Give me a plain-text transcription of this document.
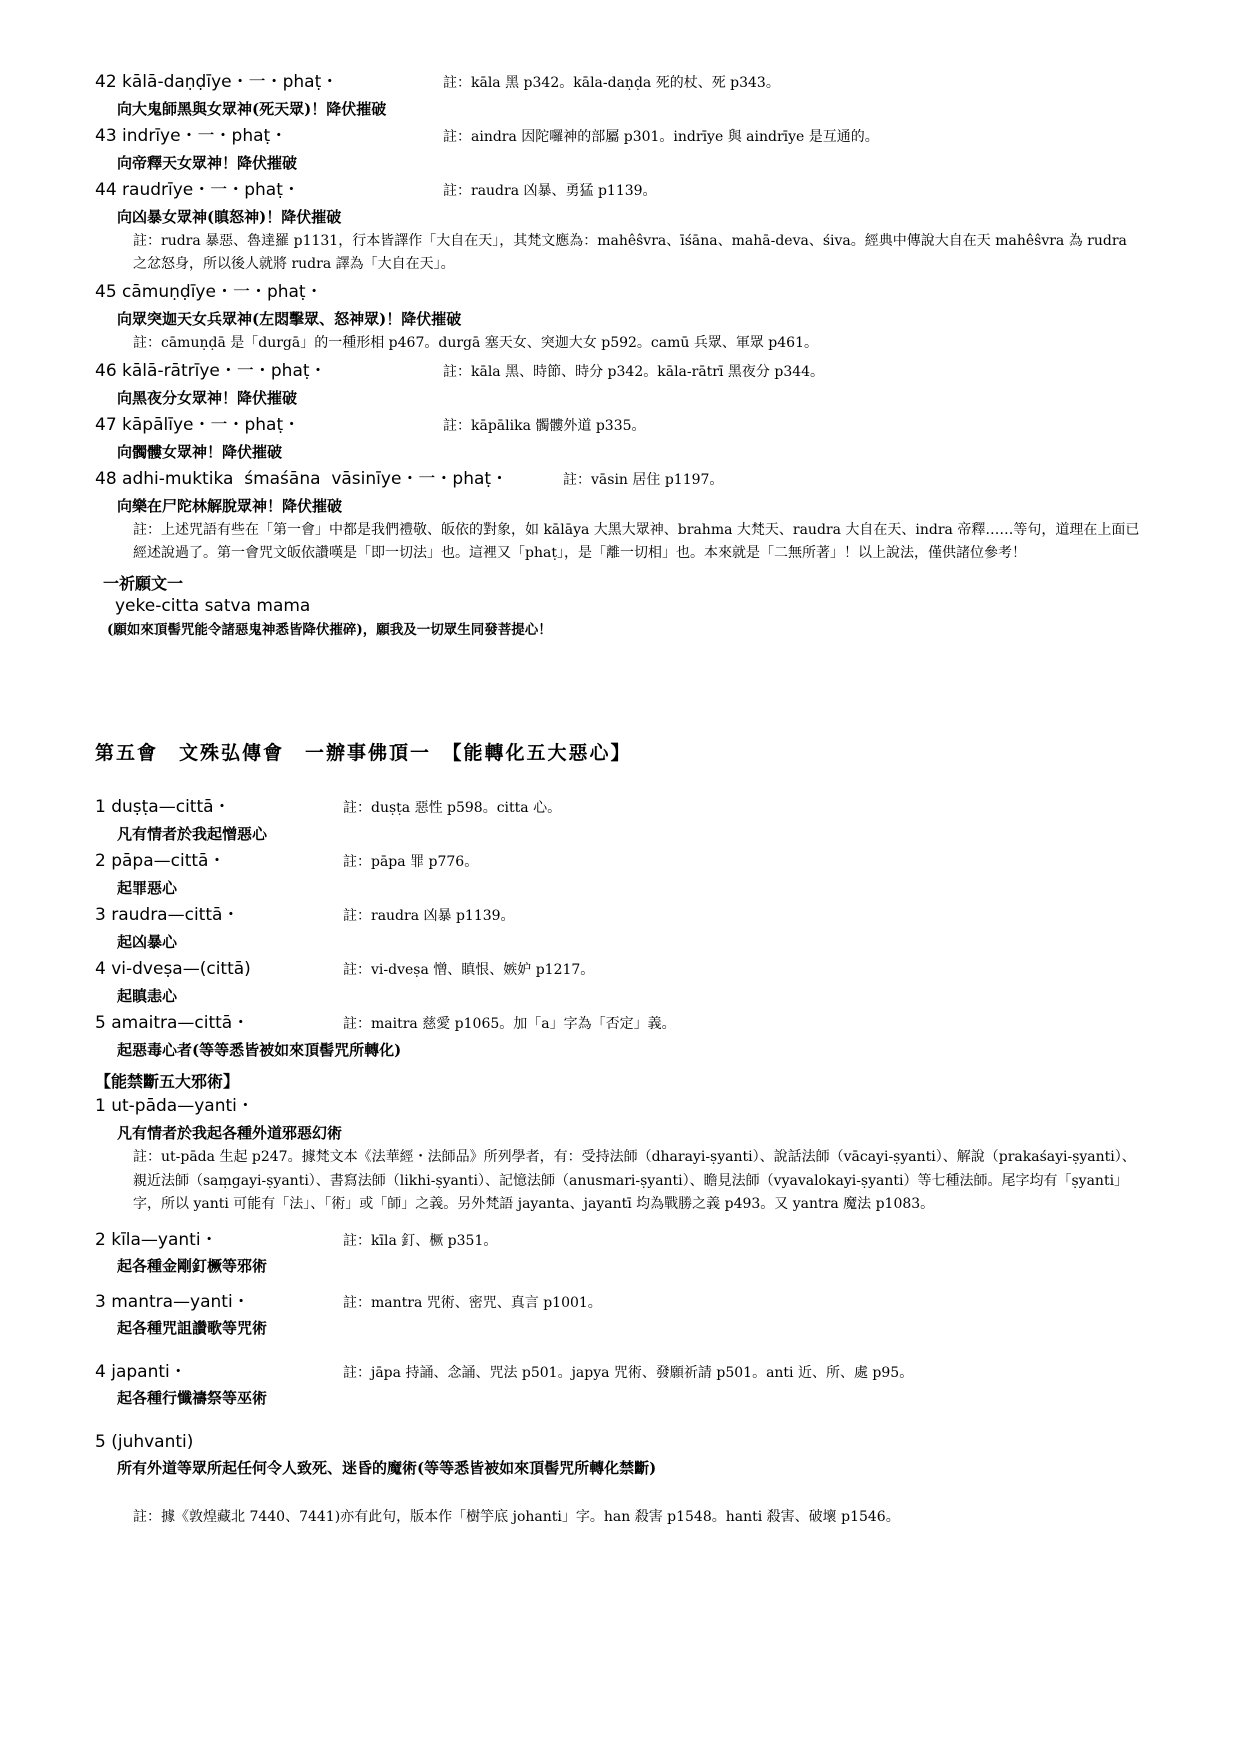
42 kālā-daṇḍīye・一・phaṭ・	註：kāla 黑 p342。kāla-daṇḍa 死的杖、死 p343。
向大鬼師黑與女眾神(死天眾)！降伏摧破
43 indrīye・一・phaṭ・	註：aindra 因陀囉神的部屬 p301。indrīye 與 aindrīye 是互通的。
向帝釋天女眾神！降伏摧破
44 raudrīye・一・phaṭ・	註：raudra 凶暴、勇猛 p1139。
向凶暴女眾神(瞋怒神)！降伏摧破
註：rudra 暴惡、魯達羅 p1131，行本皆譯作「大自在天」，其梵文應為：mahêŝvra、īśāna、mahā-deva、śiva。經典中傳說大自在天 mahêŝvra 為 rudra 之忿怒身，所以後人就將 rudra 譯為「大自在天」。
45 cāmuṇḍīye・一・phaṭ・
向眾突迦天女兵眾神(左悶擊眾、怒神眾)！降伏摧破
註：cāmuṇḍā 是「durgā」的一種形相 p467。durgā 塞天女、突迦大女 p592。camū 兵眾、軍眾 p461。
46 kālā-rātrīye・一・phaṭ・	註：kāla 黑、時節、時分 p342。kāla-rātrī 黑夜分 p344。
向黑夜分女眾神！降伏摧破
47 kāpālīye・一・phaṭ・	註：kāpālika 髑髏外道 p335。
向髑髏女眾神！降伏摧破
48 adhi-muktika  śmaśāna  vāsinīye・一・phaṭ・	註：vāsin 居住 p1197。
向樂在尸陀林解脫眾神！降伏摧破
註：上述咒語有些在「第一會」中都是我們禮敬、皈依的對象，如 kālāya 大黑大眾神、brahma 大梵天、raudra 大自在天、indra 帝釋……等句，道理在上面已經述說過了。第一會咒文皈依讚嘆是「即一切法」也。這裡又「phaṭ」，是「離一切相」也。本來就是「二無所著」！以上說法，僅供諸位參考！
一祈願文一
yeke-citta satva mama
(願如來頂髻咒能令諸惡鬼神悉皆降伏摧碎)，願我及一切眾生同發菩提心！
第五會　文殊弘傳會　一辦事佛頂一　【能轉化五大惡心】
1 duṣṭa—cittā・	註：duṣṭa 惡性 p598。citta 心。
凡有情者於我起憎惡心
2 pāpa—cittā・	註：pāpa 罪 p776。
起罪惡心
3 raudra—cittā・	註：raudra 凶暴 p1139。
起凶暴心
4 vi-dveṣa—(cittā)	註：vi-dveṣa 憎、瞋恨、嫉妒 p1217。
起瞋恚心
5 amaitra—cittā・	註：maitra 慈愛 p1065。加「a」字為「否定」義。
起惡毒心者(等等悉皆被如來頂髻咒所轉化)
【能禁斷五大邪術】
1 ut-pāda—yanti・
凡有情者於我起各種外道邪惡幻術
註：ut-pāda 生起 p247。據梵文本《法華經・法師品》所列學者，有：受持法師（dharayi-ṣyanti）、說話法師（vācayi-ṣyanti）、解說（prakaśayi-ṣyanti）、親近法師（saṃgayi-ṣyanti）、書寫法師（likhi-ṣyanti）、記憶法師（anusmari-ṣyanti）、瞻見法師（vyavalokayi-ṣyanti）等七種法師。尾字均有「ṣyanti」字，所以 yanti 可能有「法」、「術」或「師」之義。另外梵語 jayanta、jayantī 均為戰勝之義 p493。又 yantra 魔法 p1083。
2 kīla—yanti・	註：kīla 釘、橛 p351。
起各種金剛釘橛等邪術
3 mantra—yanti・	註：mantra 咒術、密咒、真言 p1001。
起各種咒詛讚歌等咒術
4 japanti・	註：jāpa 持誦、念誦、咒法 p501。japya 咒術、發願祈請 p501。anti 近、所、處 p95。
起各種行懺禱祭等巫術
5 (juhvanti)
所有外道等眾所起任何令人致死、迷昏的魔術(等等悉皆被如來頂髻咒所轉化禁斷)
註：據《敦煌藏北 7440、7441)亦有此句，版本作「樹竽底 johanti」字。han 殺害 p1548。hanti 殺害、破壞 p1546。
